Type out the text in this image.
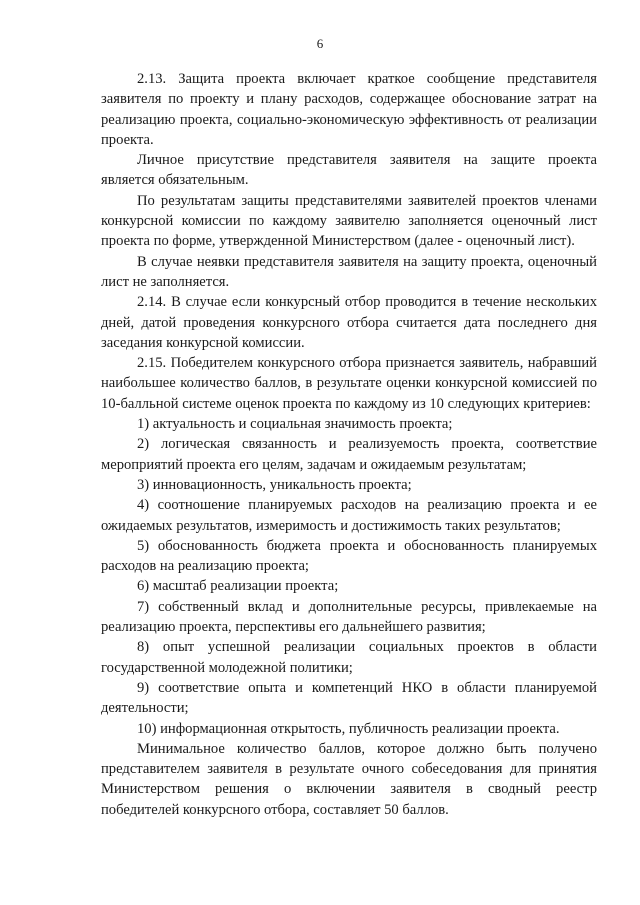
6

2.13. Защита проекта включает краткое сообщение представителя заявителя по проекту и плану расходов, содержащее обоснование затрат на реализацию проекта, социально-экономическую эффективность от реализации проекта.

Личное присутствие представителя заявителя на защите проекта является обязательным.

По результатам защиты представителями заявителей проектов членами конкурсной комиссии по каждому заявителю заполняется оценочный лист проекта по форме, утвержденной Министерством (далее - оценочный лист).

В случае неявки представителя заявителя на защиту проекта, оценочный лист не заполняется.

2.14. В случае если конкурсный отбор проводится в течение нескольких дней, датой проведения конкурсного отбора считается дата последнего дня заседания конкурсной комиссии.

2.15. Победителем конкурсного отбора признается заявитель, набравший наибольшее количество баллов, в результате оценки конкурсной комиссией по 10-балльной системе оценок проекта по каждому из 10 следующих критериев:

1) актуальность и социальная значимость проекта;

2) логическая связанность и реализуемость проекта, соответствие мероприятий проекта его целям, задачам и ожидаемым результатам;

3) инновационность, уникальность проекта;

4) соотношение планируемых расходов на реализацию проекта и ее ожидаемых результатов, измеримость и достижимость таких результатов;

5) обоснованность бюджета проекта и обоснованность планируемых расходов на реализацию проекта;

6) масштаб реализации проекта;

7) собственный вклад и дополнительные ресурсы, привлекаемые на реализацию проекта, перспективы его дальнейшего развития;

8) опыт успешной реализации социальных проектов в области государственной молодежной политики;

9) соответствие опыта и компетенций НКО в области планируемой деятельности;

10) информационная открытость, публичность реализации проекта.

Минимальное количество баллов, которое должно быть получено представителем заявителя в результате очного собеседования для принятия Министерством решения о включении заявителя в сводный реестр победителей конкурсного отбора, составляет 50 баллов.
